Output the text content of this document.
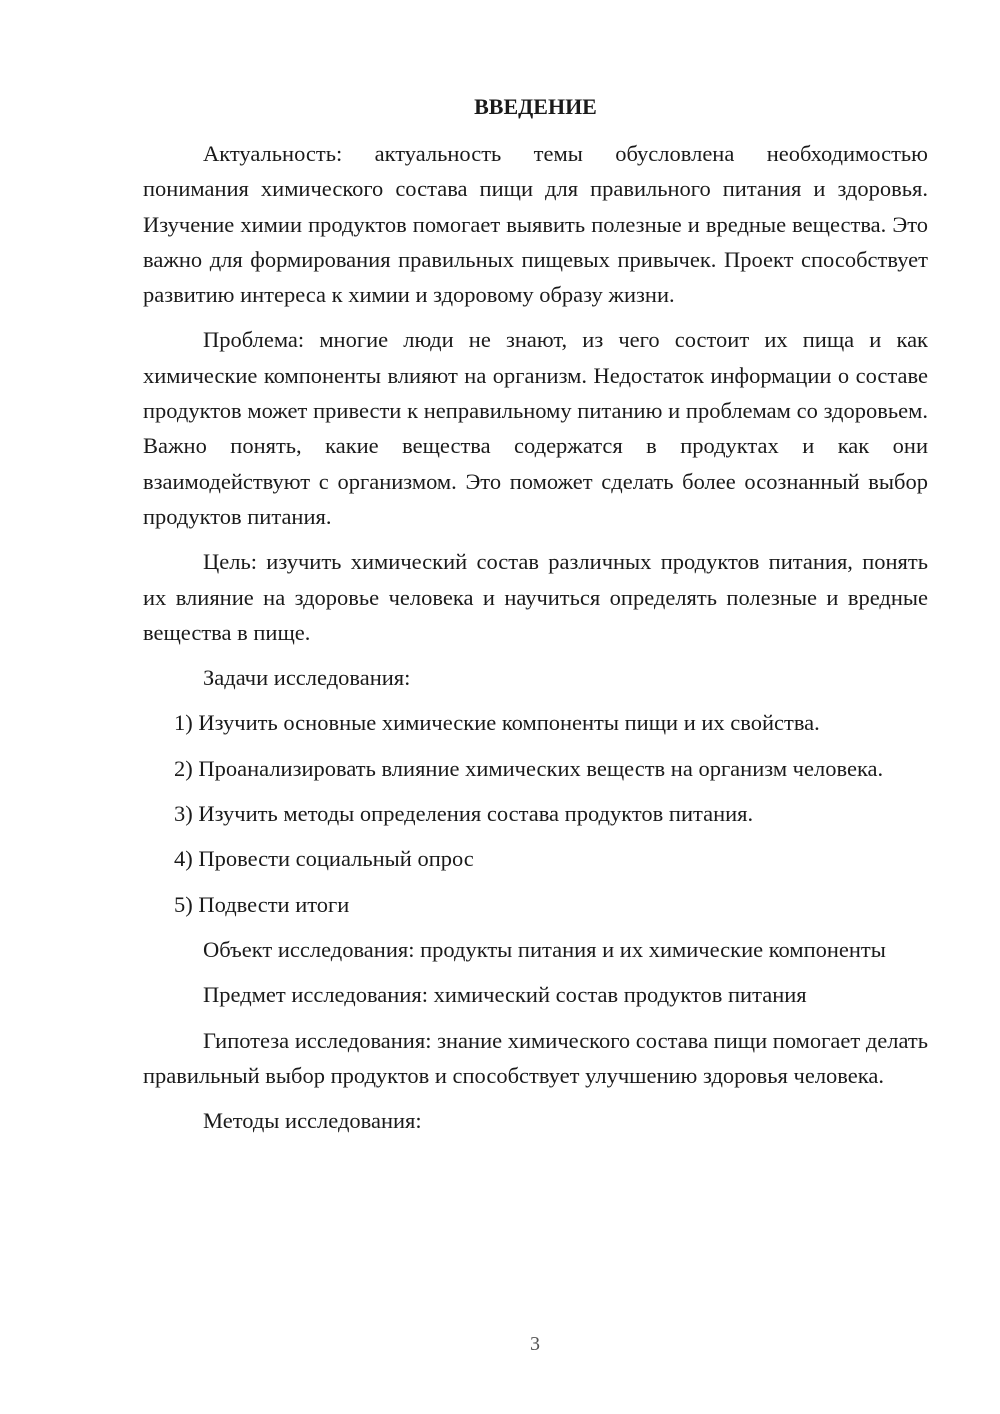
ВВЕДЕНИЕ

Актуальность: актуальность темы обусловлена необходимостью понимания химического состава пищи для правильного питания и здоровья. Изучение химии продуктов помогает выявить полезные и вредные вещества. Это важно для формирования правильных пищевых привычек. Проект способствует развитию интереса к химии и здоровому образу жизни.

Проблема: многие люди не знают, из чего состоит их пища и как химические компоненты влияют на организм. Недостаток информации о составе продуктов может привести к неправильному питанию и проблемам со здоровьем. Важно понять, какие вещества содержатся в продуктах и как они взаимодействуют с организмом. Это поможет сделать более осознанный выбор продуктов питания.

Цель: изучить химический состав различных продуктов питания, понять их влияние на здоровье человека и научиться определять полезные и вредные вещества в пище.

Задачи исследования:

1) Изучить основные химические компоненты пищи и их свойства.

2) Проанализировать влияние химических веществ на организм человека.

3) Изучить методы определения состава продуктов питания.

4) Провести социальный опрос

5) Подвести итоги

Объект исследования: продукты питания и их химические компоненты

Предмет исследования: химический состав продуктов питания

Гипотеза исследования: знание химического состава пищи помогает делать правильный выбор продуктов и способствует улучшению здоровья человека.

Методы исследования:

3
